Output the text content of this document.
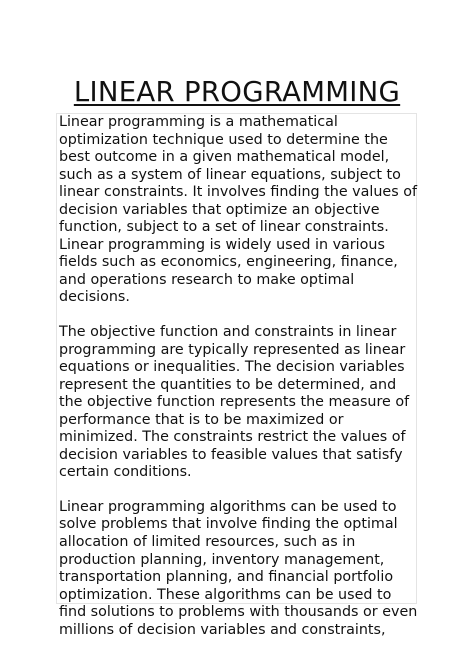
LINEAR PROGRAMMING

Linear programming is a mathematical
optimization technique used to determine the
best outcome in a given mathematical model,
such as a system of linear equations, subject to
linear constraints. It involves finding the values of
decision variables that optimize an objective
function, subject to a set of linear constraints.
Linear programming is widely used in various
fields such as economics, engineering, finance,
and operations research to make optimal
decisions.

The objective function and constraints in linear
programming are typically represented as linear
equations or inequalities. The decision variables
represent the quantities to be determined, and
the objective function represents the measure of
performance that is to be maximized or
minimized. The constraints restrict the values of
decision variables to feasible values that satisfy
certain conditions.

Linear programming algorithms can be used to
solve problems that involve finding the optimal
allocation of limited resources, such as in
production planning, inventory management,
transportation planning, and financial portfolio
optimization. These algorithms can be used to
find solutions to problems with thousands or even
millions of decision variables and constraints,
